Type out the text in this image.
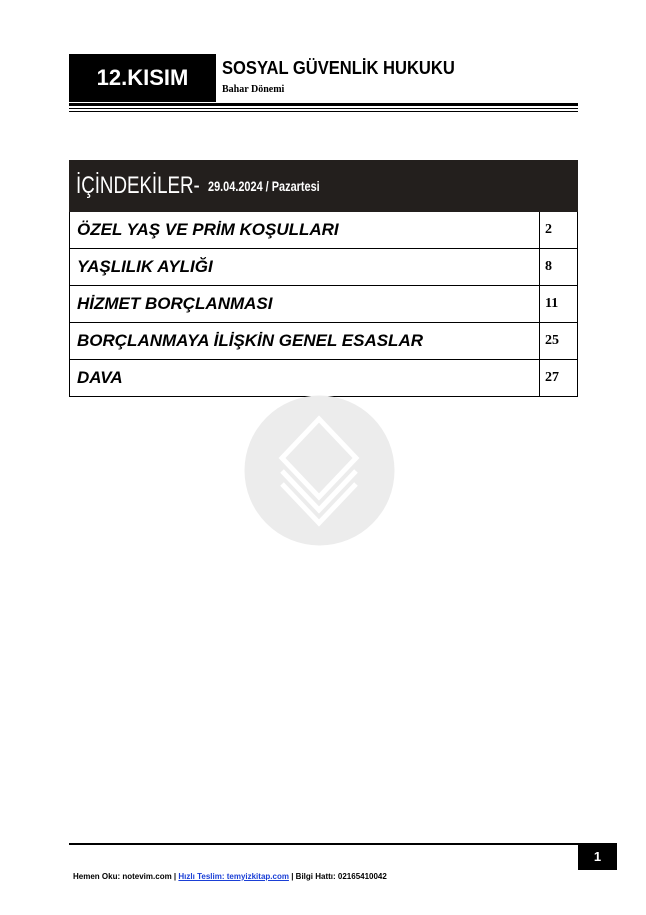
12.KISIM	SOSYAL GÜVENLİK HUKUKU
Bahar Dönemi
İÇİNDEKİLER- 29.04.2024 / Pazartesi
ÖZEL YAŞ VE PRİM KOŞULLARI	2
YAŞLILIK AYLIĞI	8
HİZMET BORÇLANMASI	11
BORÇLANMAYA İLİŞKİN GENEL ESASLAR	25
DAVA	27
1
Hemen Oku: notevim.com | Hızlı Teslim: temyizkitap.com | Bilgi Hattı: 02165410042
